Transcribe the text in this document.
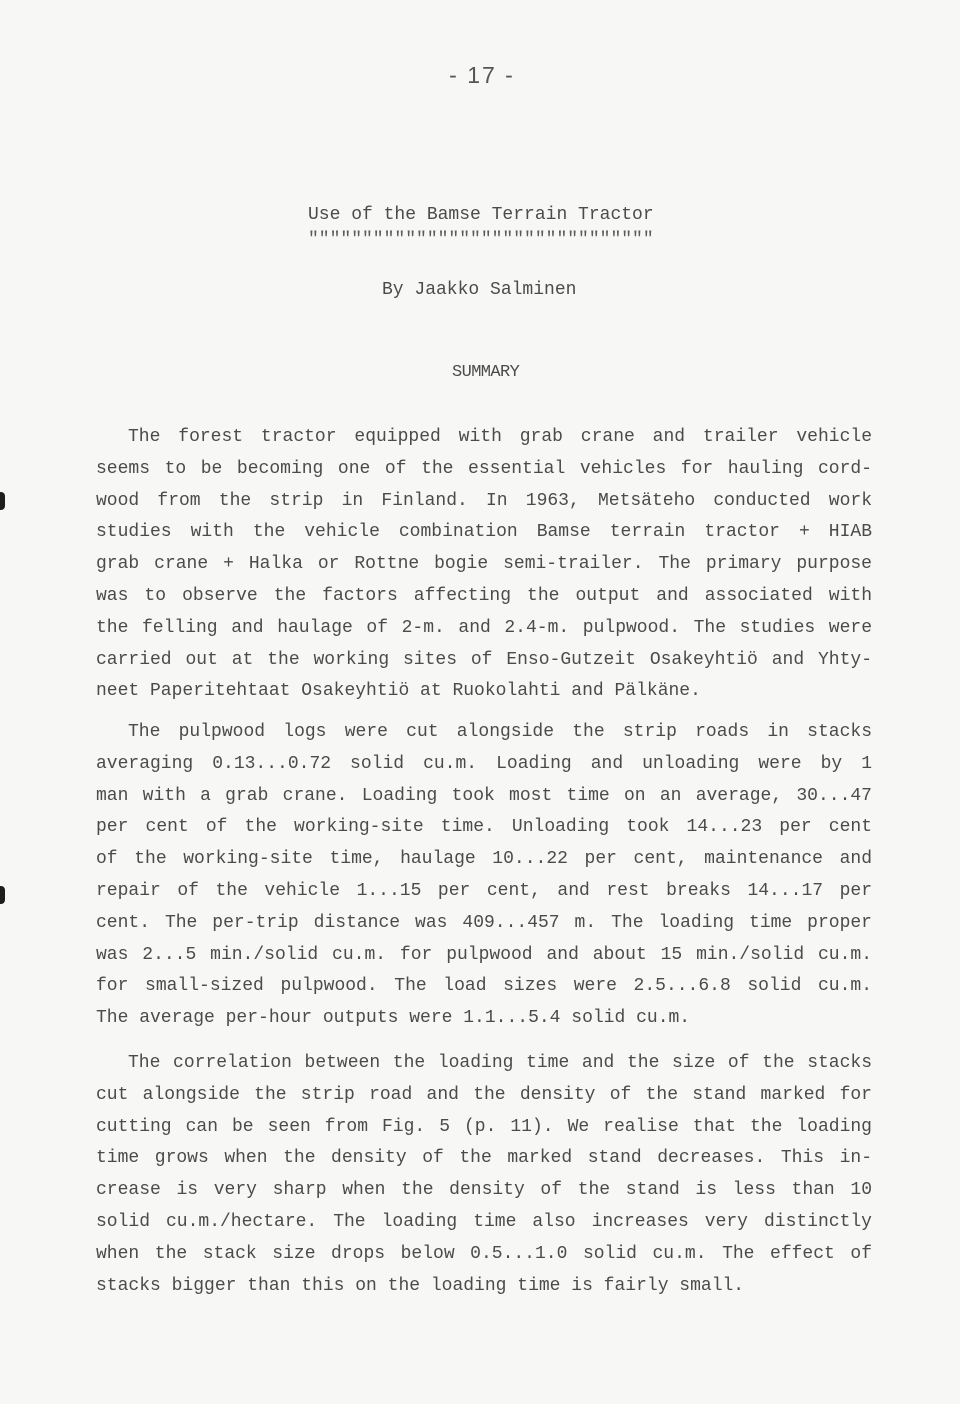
- 17 -
Use of the Bamse Terrain Tractor
""""""""""""""""""""""""""""""""
By Jaakko Salminen
SUMMARY
The forest tractor equipped with grab crane and trailer vehicle
seems to be becoming one of the essential vehicles for hauling cord-
wood from the strip in Finland. In 1963, Metsäteho conducted work
studies with the vehicle combination Bamse terrain tractor + HIAB
grab crane + Halka or Rottne bogie semi-trailer. The primary purpose
was to observe the factors affecting the output and associated with
the felling and haulage of 2-m. and 2.4-m. pulpwood. The studies were
carried out at the working sites of Enso-Gutzeit Osakeyhtiö and Yhty-
neet Paperitehtaat Osakeyhtiö at Ruokolahti and Pälkäne.
The pulpwood logs were cut alongside the strip roads in stacks
averaging 0.13...0.72 solid cu.m. Loading and unloading were by 1
man with a grab crane. Loading took most time on an average, 30...47
per cent of the working-site time. Unloading took 14...23 per cent
of the working-site time, haulage 10...22 per cent, maintenance and
repair of the vehicle 1...15 per cent, and rest breaks 14...17 per
cent. The per-trip distance was 409...457 m. The loading time proper
was 2...5 min./solid cu.m. for pulpwood and about 15 min./solid cu.m.
for small-sized pulpwood. The load sizes were 2.5...6.8 solid cu.m.
The average per-hour outputs were 1.1...5.4 solid cu.m.
The correlation between the loading time and the size of the stacks
cut alongside the strip road and the density of the stand marked for
cutting can be seen from Fig. 5 (p. 11). We realise that the loading
time grows when the density of the marked stand decreases. This in-
crease is very sharp when the density of the stand is less than 10
solid cu.m./hectare. The loading time also increases very distinctly
when the stack size drops below 0.5...1.0 solid cu.m. The effect of
stacks bigger than this on the loading time is fairly small.
